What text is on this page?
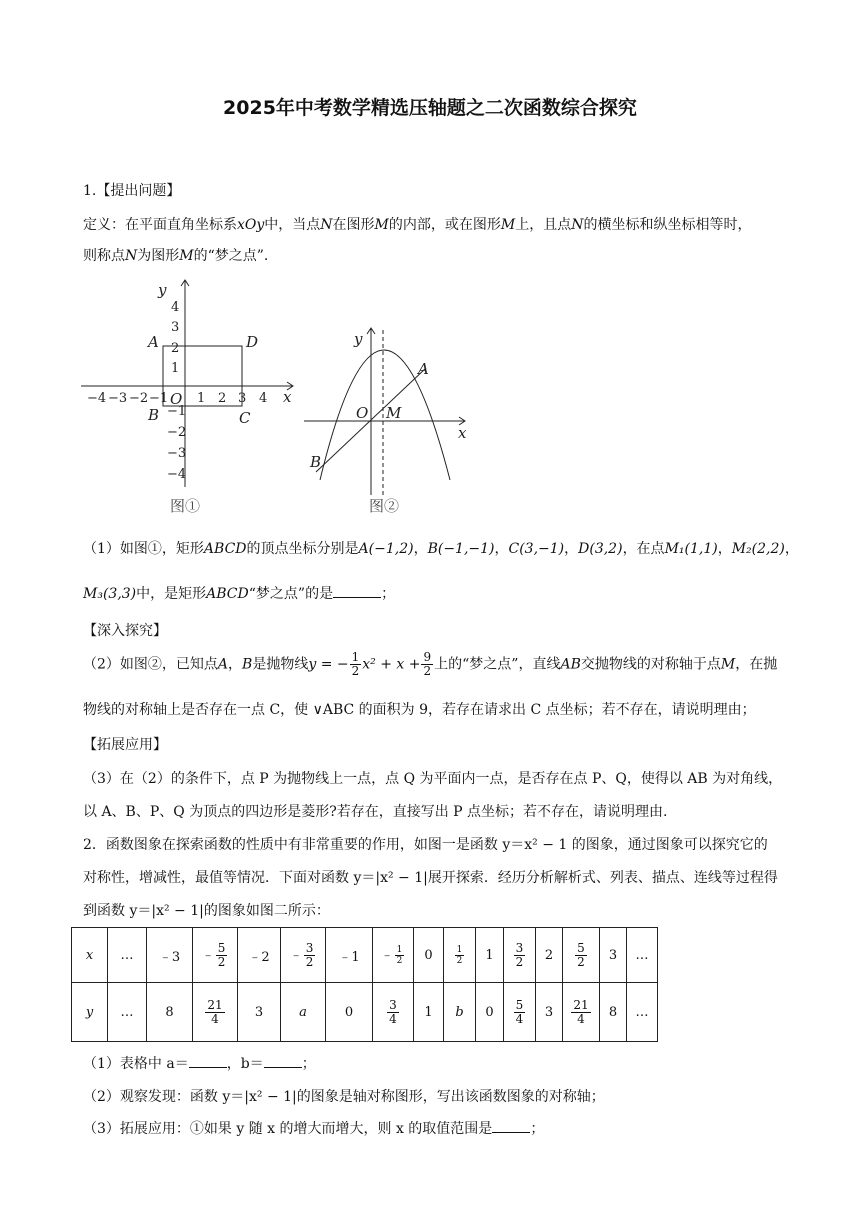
2025年中考数学精选压轴题之二次函数综合探究
1.【提出问题】
定义：在平面直角坐标系xOy中，当点N在图形M的内部，或在图形M上，且点N的横坐标和纵坐标相等时，
则称点N为图形M的“梦之点”.
−4 −3 −2 −1 1 2 3 4
4
3
2
1
−1
−2
−3
−4
y
x
O
A
B	C
D
图①
y
x
O M
A
B
图②
（1）如图①，矩形ABCD的顶点坐标分别是A(−1,2)，B(−1,−1)，C(3,−1)，D(3,2)，在点M₁(1,1)，M₂(2,2)，
M₃(3,3)中，是矩形ABCD“梦之点”的是	；
【深入探究】
（2）如图②，已知点A，B是抛物线y = − $\frac{1}{2} x^2 + x + \frac{9}{2}$ 上的“梦之点”，直线AB交抛物线的对称轴于点M，在抛
物线的对称轴上是否存在一点 C，使 ∨ABC 的面积为 9，若存在请求出 C 点坐标；若不存在，请说明理由；
【拓展应用】
（3）在（2）的条件下，点 P 为抛物线上一点，点 Q 为平面内一点，是否存在点 P、Q，使得以 AB 为对角线，
以 A、B、P、Q 为顶点的四边形是菱形?若存在，直接写出 P 点坐标；若不存在，请说明理由.
2．函数图象在探索函数的性质中有非常重要的作用，如图一是函数 y＝x² − 1 的图象，通过图象可以探究它的
对称性，增减性，最值等情况．下面对函数 y＝|x² − 1|展开探索．经历分析解析式、列表、描点、连线等过程得
到函数 y＝|x² − 1|的图象如图二所示：
x	…	﹣3	﹣ $\frac{5}{2}$	﹣2	﹣ $\frac{3}{2}$	﹣1	﹣ $\frac{1}{2}$	0	$\frac{1}{2}$	1	$\frac{3}{2}$	2	$\frac{5}{2}$	3	…
y	…	8	$\frac{21}{4}$	3	a	0	$\frac{3}{4}$	1	b	0	$\frac{5}{4}$	3	$\frac{21}{4}$	8	…
（1）表格中 a＝	，b＝	；
（2）观察发现：函数 y＝|x² − 1|的图象是轴对称图形，写出该函数图象的对称轴；
（3）拓展应用：①如果 y 随 x 的增大而增大，则 x 的取值范围是	；
